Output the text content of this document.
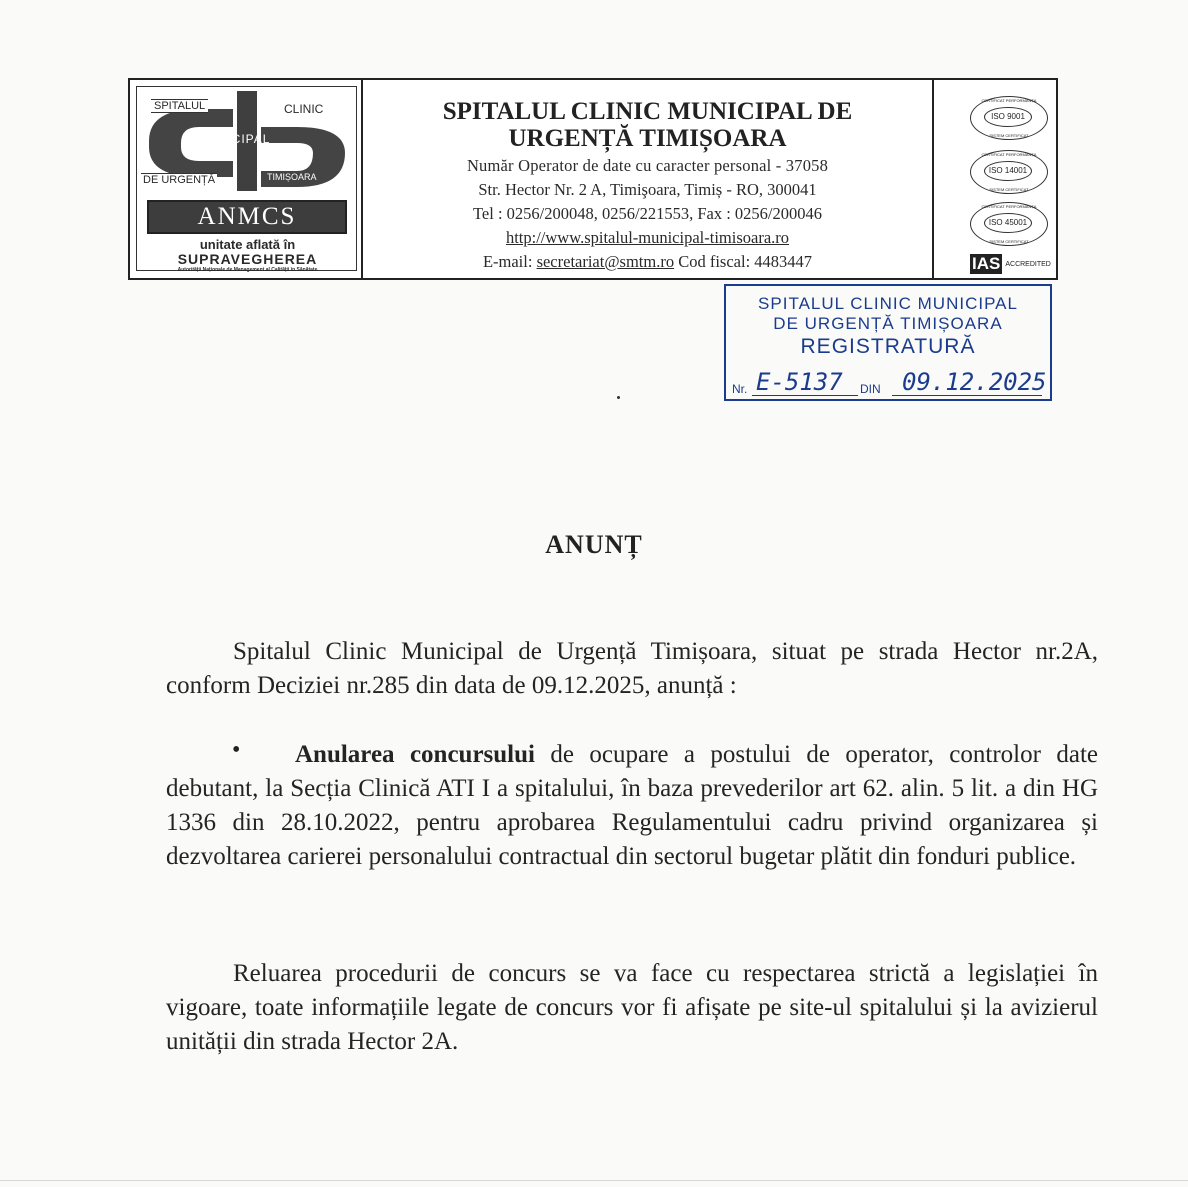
SPITALUL	CLINIC
MUNICIPAL
DE URGENȚĂ	TIMIȘOARA
ANMCS
unitate aflată în
SUPRAVEGHEREA
Autorității Naționale de Management al Calității în Sănătate

SPITALUL CLINIC MUNICIPAL DE

URGENȚĂ TIMIȘOARA

Număr Operator de date cu caracter personal - 37058

Str. Hector Nr. 2 A, Timişoara, Timiș - RO, 300041

Tel : 0256/200048, 0256/221553, Fax : 0256/200046

http://www.spitalul-municipal-timisoara.ro

E-mail: secretariat@smtm.ro Cod fiscal: 4483447

CERTIFICAT PERFORMANȚA
ISO 9001
SISTEM CERTIFICAT
CERTIFICAT PERFORMANȚA
ISO 14001
SISTEM CERTIFICAT
CERTIFICAT PERFORMANȚA
ISO 45001
SISTEM CERTIFICAT
IAS ACCREDITED
SPITALUL CLINIC MUNICIPAL
DE URGENȚĂ TIMIȘOARA
REGISTRATURĂ
Nr. E-5137 DIN 09.12.2025
ANUNȚ

Spitalul Clinic Municipal de Urgență Timișoara, situat pe strada Hector nr.2A, conform Deciziei nr.285 din data de 09.12.2025, anunță :

•	Anularea concursului de ocupare a postului de operator, controlor date debutant, la Secția Clinică ATI I a spitalului, în baza prevederilor art 62. alin. 5 lit. a din HG 1336 din 28.10.2022, pentru aprobarea Regulamentului cadru privind organizarea și dezvoltarea carierei personalului contractual din sectorul bugetar plătit din fonduri publice.

Reluarea procedurii de concurs se va face cu respectarea strictă a legislației în vigoare, toate informațiile legate de concurs vor fi afișate pe site-ul spitalului și la avizierul unității din strada Hector 2A.
